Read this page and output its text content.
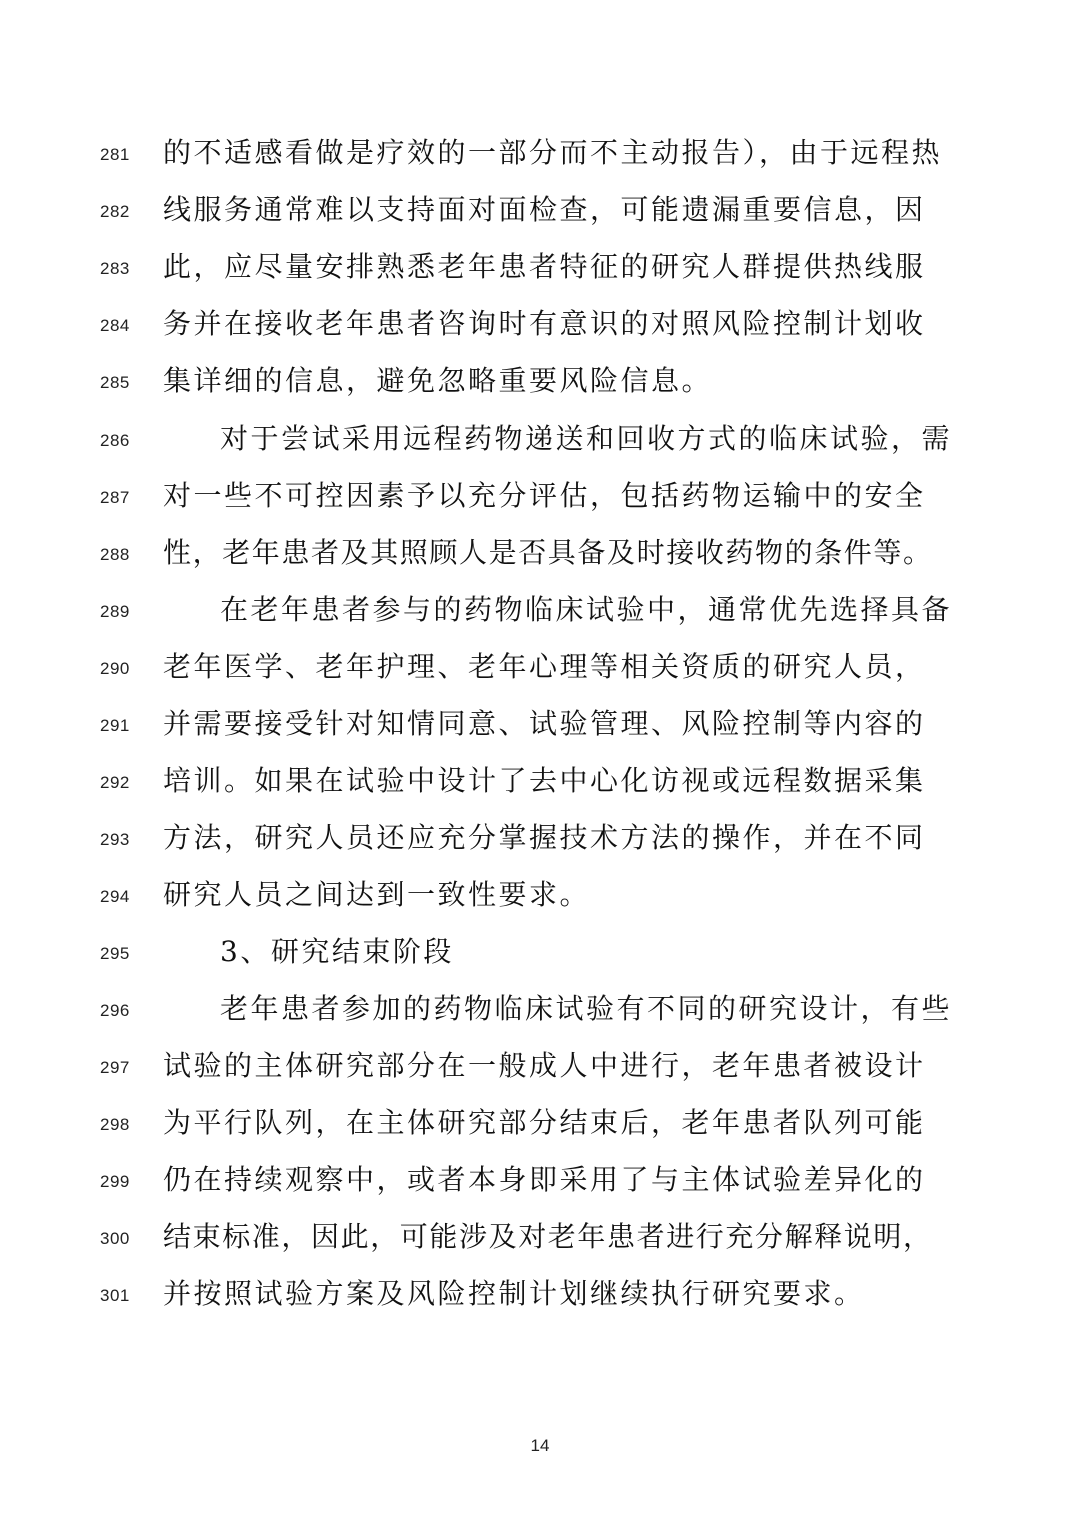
281	的不适感看做是疗效的一部分而不主动报告），由于远程热
282	线服务通常难以支持面对面检查，可能遗漏重要信息，因
283	此，应尽量安排熟悉老年患者特征的研究人群提供热线服
284	务并在接收老年患者咨询时有意识的对照风险控制计划收
285	集详细的信息，避免忽略重要风险信息。
286	对于尝试采用远程药物递送和回收方式的临床试验，需
287	对一些不可控因素予以充分评估，包括药物运输中的安全
288	性，老年患者及其照顾人是否具备及时接收药物的条件等。
289	在老年患者参与的药物临床试验中，通常优先选择具备
290	老年医学、老年护理、老年心理等相关资质的研究人员，
291	并需要接受针对知情同意、试验管理、风险控制等内容的
292	培训。如果在试验中设计了去中心化访视或远程数据采集
293	方法，研究人员还应充分掌握技术方法的操作，并在不同
294	研究人员之间达到一致性要求。
295	3、研究结束阶段
296	老年患者参加的药物临床试验有不同的研究设计，有些
297	试验的主体研究部分在一般成人中进行，老年患者被设计
298	为平行队列，在主体研究部分结束后，老年患者队列可能
299	仍在持续观察中，或者本身即采用了与主体试验差异化的
300	结束标准，因此，可能涉及对老年患者进行充分解释说明，
301	并按照试验方案及风险控制计划继续执行研究要求。
14
